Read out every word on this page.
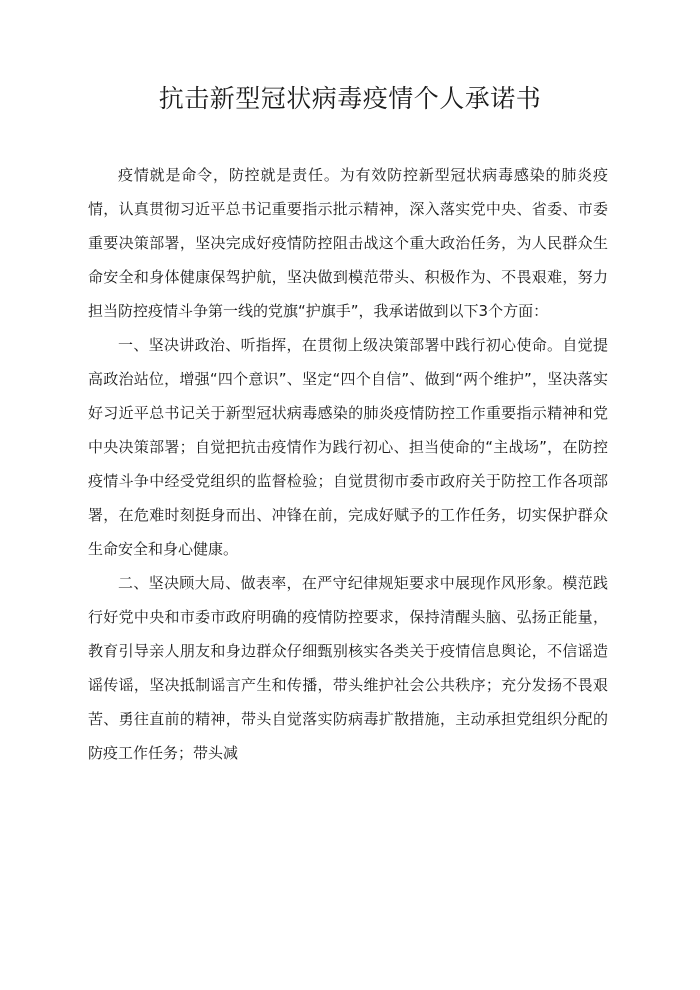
抗击新型冠状病毒疫情个人承诺书

疫情就是命令，防控就是责任。为有效防控新型冠状病毒感染的肺炎疫情，认真贯彻习近平总书记重要指示批示精神，深入落实党中央、省委、市委重要决策部署，坚决完成好疫情防控阻击战这个重大政治任务，为人民群众生命安全和身体健康保驾护航，坚决做到模范带头、积极作为、不畏艰难，努力担当防控疫情斗争第一线的党旗“护旗手”，我承诺做到以下3个方面：

一、坚决讲政治、听指挥，在贯彻上级决策部署中践行初心使命。自觉提高政治站位，增强“四个意识”、坚定“四个自信”、做到“两个维护”，坚决落实好习近平总书记关于新型冠状病毒感染的肺炎疫情防控工作重要指示精神和党中央决策部署；自觉把抗击疫情作为践行初心、担当使命的“主战场”，在防控疫情斗争中经受党组织的监督检验；自觉贯彻市委市政府关于防控工作各项部署，在危难时刻挺身而出、冲锋在前，完成好赋予的工作任务，切实保护群众生命安全和身心健康。

二、坚决顾大局、做表率，在严守纪律规矩要求中展现作风形象。模范践行好党中央和市委市政府明确的疫情防控要求，保持清醒头脑、弘扬正能量，教育引导亲人朋友和身边群众仔细甄别核实各类关于疫情信息舆论，不信谣造谣传谣，坚决抵制谣言产生和传播，带头维护社会公共秩序；充分发扬不畏艰苦、勇往直前的精神，带头自觉落实防病毒扩散措施，主动承担党组织分配的防疫工作任务；带头减
